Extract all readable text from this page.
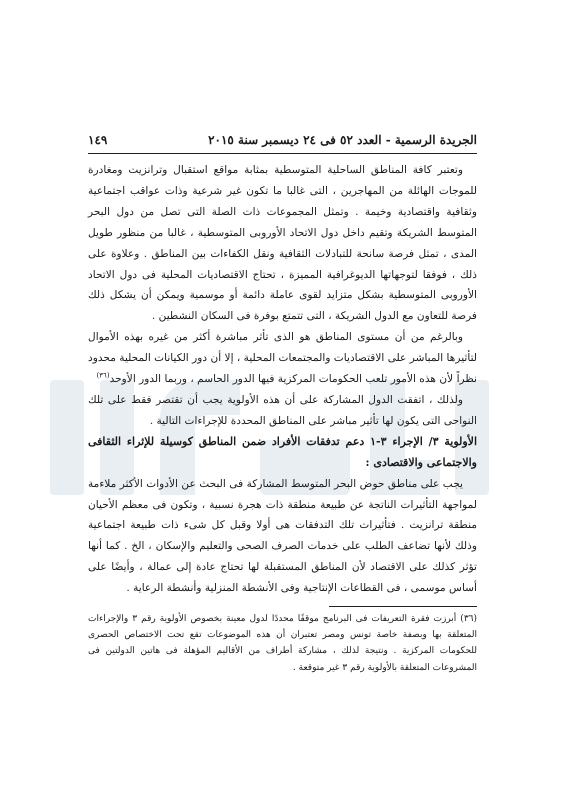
الجريدة الرسمية - العدد ٥٢ فى ٢٤ ديسمبر سنة ٢٠١٥
١٤٩

وتعتبر كافة المناطق الساحلية المتوسطية بمثابة مواقع استقبال وترانزيت ومغادرة للموجات الهائلة من المهاجرين ، التى غالبا ما تكون غير شرعية وذات عواقب اجتماعية وثقافية واقتصادية وخيمة . وتمثل المجموعات ذات الصلة التى تصل من دول البحر المتوسط الشريكة وتقيم داخل دول الاتحاد الأوروبى المتوسطية ، غالبا من منظور طويل المدى ، تمثل فرصة سانحة للتبادلات الثقافية ونقل الكفاءات بين المناطق . وعلاوة على ذلك ، فوفقا لتوجهاتها الديوغرافية المميزة ، تحتاج الاقتصاديات المحلية فى دول الاتحاد الأوروبى المتوسطية بشكل متزايد لقوى عاملة دائمة أو موسمية ويمكن أن يشكل ذلك فرصة للتعاون مع الدول الشريكة ، التى تتمتع بوفرة فى السكان النشطين .

وبالرغم من أن مستوى المناطق هو الذى تأثر مباشرة أكثر من غيره بهذه الأموال لتأثيرها المباشر على الاقتصاديات والمجتمعات المحلية ، إلا أن دور الكيانات المحلية محدود نظراً لأن هذه الأمور تلعب الحكومات المركزية فيها الدور الحاسم ، وربما الدور الأوحد$^{(٣٦)}$

ولذلك ، اتفقت الدول المشاركة على أن هذه الأولوية يجب أن تقتصر فقط على تلك النواحى التى يكون لها تأثير مباشر على المناطق المحددة للإجراءات التالية .

الأولوية ٣/ الإجراء ٣-١ دعم تدفقات الأفراد ضمن المناطق كوسيلة للإثراء الثقافى والاجتماعى والاقتصادى :

يجب على مناطق حوض البحر المتوسط المشاركة فى البحث عن الأدوات الأكثر ملاءمة لمواجهة التأثيرات الناتجة عن طبيعة منطقة ذات هجرة نسبية ، وتكون فى معظم الأحيان منطقة ترانزيت . فتأثيرات تلك التدفقات هى أولا وقبل كل شىء ذات طبيعة اجتماعية وذلك لأنها تضاعف الطلب على خدمات الصرف الصحى والتعليم والإسكان ، الخ . كما أنها تؤثر كذلك على الاقتصاد لأن المناطق المستقبلة لها تحتاج عادة إلى عمالة ، وأيضًا على أساس موسمى ، فى القطاعات الإنتاجية وفى الأنشطة المنزلية وأنشطة الرعاية .

(٣٦) أبرزت فقرة التعريفات فى البرنامج موقفًا محددًا لدول معينة بخصوص الأولوية رقم ٣ والإجراءات المتعلقة بها وبصفة خاصة تونس ومصر تعتبران أن هذه الموضوعات تقع تحت الاختصاص الحصرى للحكومات المركزية . ونتيجة لذلك ، مشاركة أطراف من الأقاليم المؤهلة فى هاتين الدولتين فى المشروعات المتعلقة بالأولوية رقم ٣ غير متوقعة .
